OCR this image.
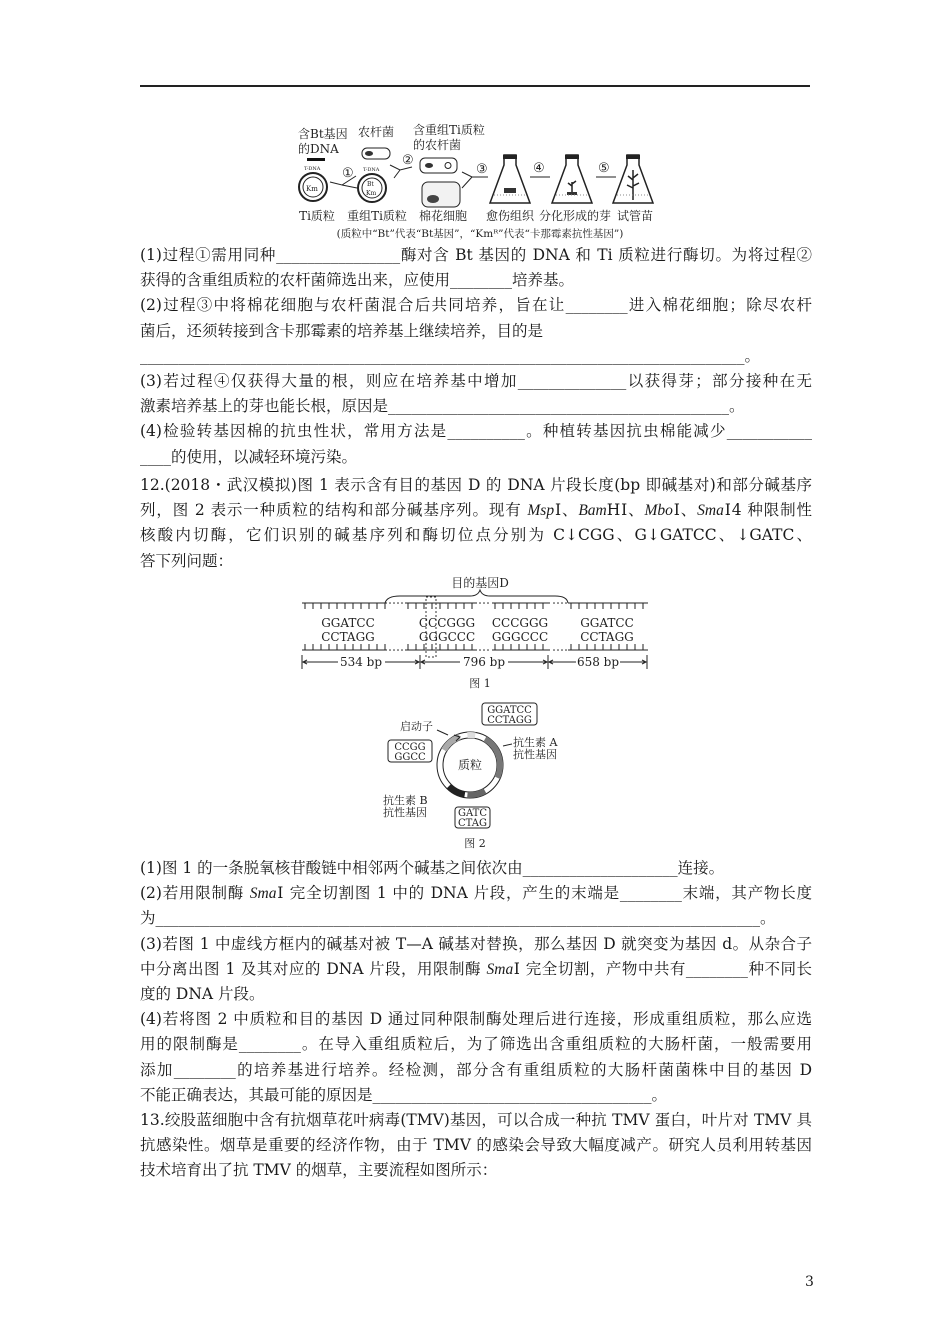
含Bt基因
的DNA
T-DNA
Km
① T-DNA
Bt
Km
农杆菌
②
含重组Ti质粒
的农杆菌
③	④	⑤
Ti质粒 重组Ti质粒 棉花细胞 愈伤组织 分化形成的芽 试管苗
(质粒中“Bt”代表“Bt基因”，“Kmᴿ”代表“卡那霉素抗性基因”)
(1)过程①需用同种________________酶对含 Bt 基因的 DNA 和 Ti 质粒进行酶切。为将过程②
获得的含重组质粒的农杆菌筛选出来，应使用________培养基。
(2)过程③中将棉花细胞与农杆菌混合后共同培养，旨在让________进入棉花细胞；除尽农杆
菌后，还须转接到含卡那霉素的培养基上继续培养，目的是
______________________________________________________________________________。
(3)若过程④仅获得大量的根，则应在培养基中增加______________以获得芽；部分接种在无
激素培养基上的芽也能长根，原因是____________________________________________。
(4)检验转基因棉的抗虫性状，常用方法是__________。种植转基因抗虫棉能减少___________
____的使用，以减轻环境污染。
12.(2018・武汉模拟)图 1 表示含有目的基因 D 的 DNA 片段长度(bp 即碱基对)和部分碱基序
列，图 2 表示一种质粒的结构和部分碱基序列。现有 MspⅠ、BamHⅠ、MboⅠ、SmaⅠ4 种限制性
核酸内切酶，它们识别的碱基序列和酶切位点分别为 C↓CGG、G↓GATCC、↓GATC、
答下列问题：
目的基因D
GGATCC
CCTAGG
CCCGGG
GGGCCC
CCCGGG
GGGCCC
GGATCC
CCTAGG
534 bp	796 bp	658 bp
图 1
质粒
启动子
GGATCC
CCTAGG
CCGG
GGCC
GATC
CTAG
抗生素 A
抗性基因
抗生素 B
抗性基因
图 2
(1)图 1 的一条脱氧核苷酸链中相邻两个碱基之间依次由____________________连接。
(2)若用限制酶 SmaⅠ 完全切割图 1 中的 DNA 片段，产生的末端是________末端，其产物长度
为______________________________________________________________________________。
(3)若图 1 中虚线方框内的碱基对被 T—A 碱基对替换，那么基因 D 就突变为基因 d。从杂合子
中分离出图 1 及其对应的 DNA 片段，用限制酶 SmaⅠ 完全切割，产物中共有________种不同长
度的 DNA 片段。
(4)若将图 2 中质粒和目的基因 D 通过同种限制酶处理后进行连接，形成重组质粒，那么应选
用的限制酶是________。在导入重组质粒后，为了筛选出含重组质粒的大肠杆菌，一般需要用
添加________的培养基进行培养。经检测，部分含有重组质粒的大肠杆菌菌株中目的基因 D
不能正确表达，其最可能的原因是____________________________________。
13.绞股蓝细胞中含有抗烟草花叶病毒(TMV)基因，可以合成一种抗 TMV 蛋白，叶片对 TMV 具
抗感染性。烟草是重要的经济作物，由于 TMV 的感染会导致大幅度减产。研究人员利用转基因
技术培育出了抗 TMV 的烟草，主要流程如图所示：
3
